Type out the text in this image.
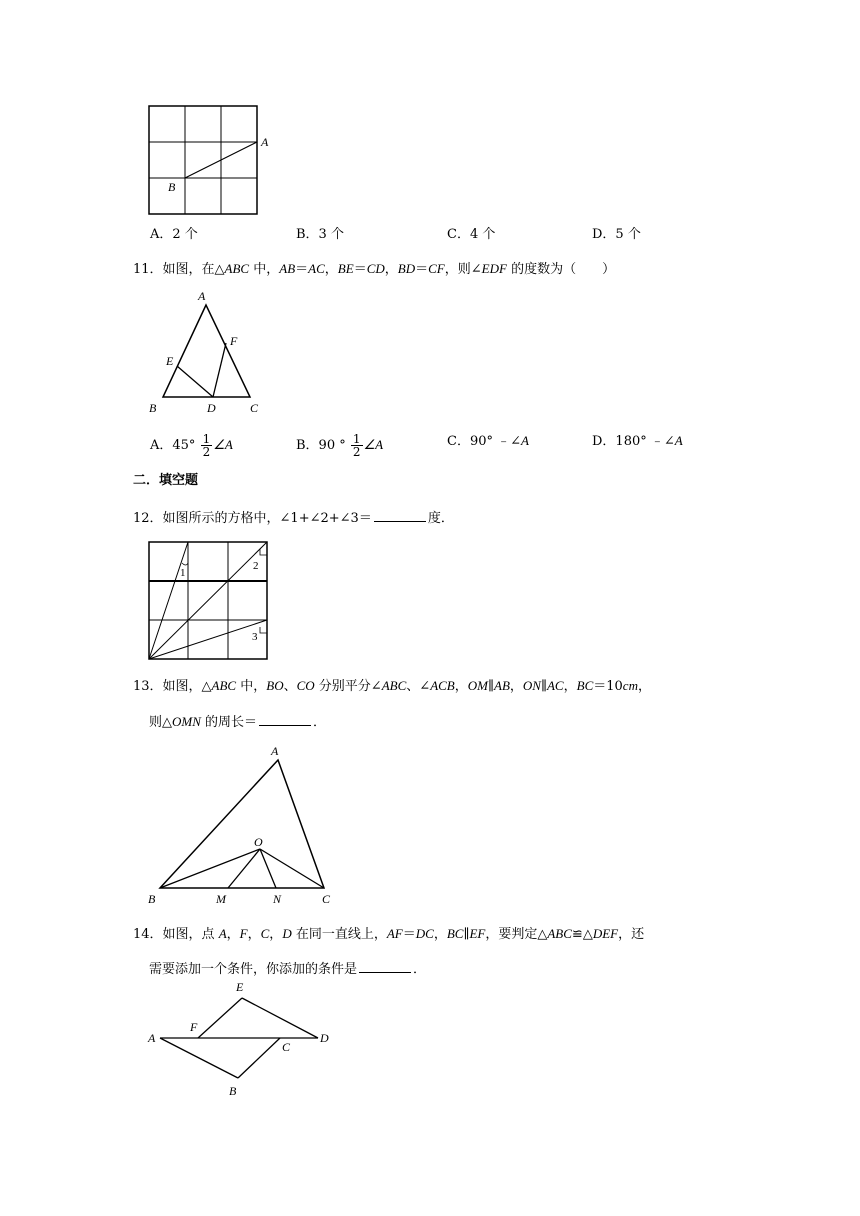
A
B
A．2 个	B．3 个	C．4 个	D．5 个
11．如图，在△ABC 中，AB＝AC，BE＝CD，BD＝CF，则∠EDF 的度数为（　　）
A
F
E
B	D	C
A．$45^\circ \frac{1}{2}$ ∠A	B．90 ° $\frac{1}{2}$ ∠A	C．90° ﹣∠A	D．180° ﹣∠A
二．填空题
12．如图所示的方格中，∠1+∠2+∠3＝	度．
1
2
3
13．如图，△ABC 中，BO、CO 分别平分∠ABC、∠ACB，OM∥AB，ON∥AC，BC＝10cm，
则△OMN 的周长＝	．
A
O
B	M	N	C
14．如图，点 A，F，C，D 在同一直线上，AF＝DC，BC∥EF，要判定△ABC≌△DEF，还
需要添加一个条件，你添加的条件是	．
E
F
A	D
C
B
